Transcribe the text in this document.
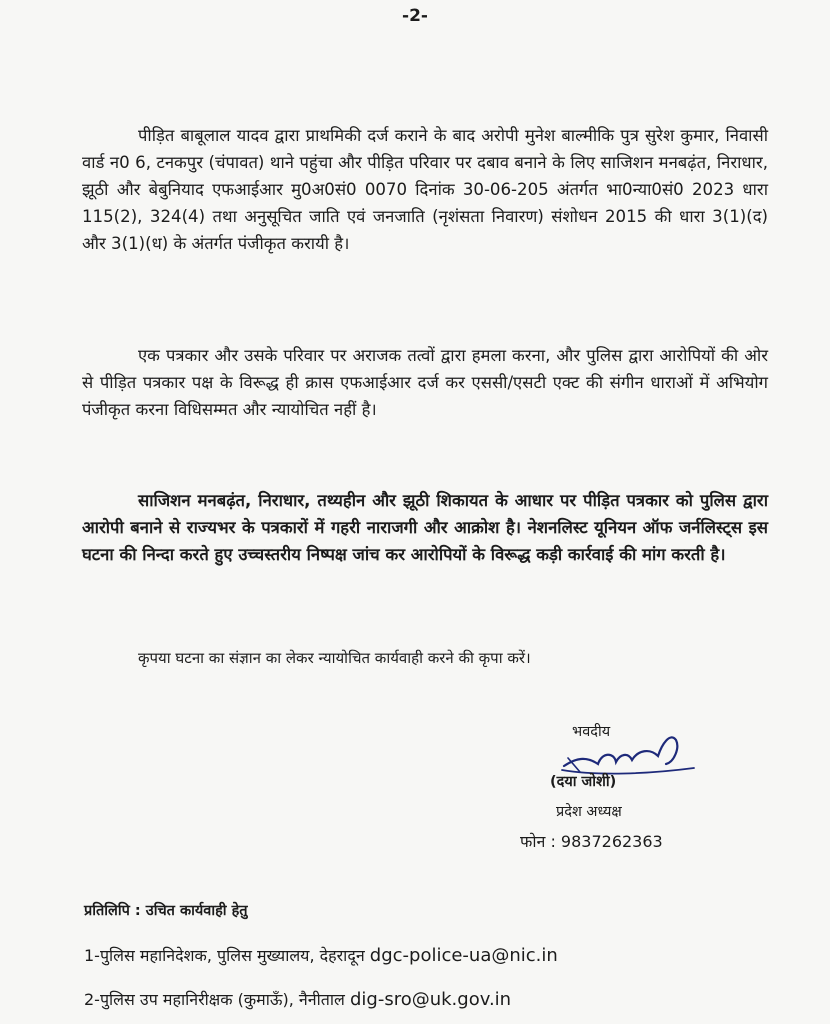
-2-

पीड़ित बाबूलाल यादव द्वारा प्राथमिकी दर्ज कराने के बाद अरोपी मुनेश बाल्मीकि पुत्र सुरेश कुमार, निवासी वार्ड न0 6, टनकपुर (चंपावत) थाने पहुंचा और पीड़ित परिवार पर दबाव बनाने के लिए साजिशन मनबढ़ंत, निराधार, झूठी और बेबुनियाद एफआईआर मु0अ0सं0 0070 दिनांक 30-06-205 अंतर्गत भा0न्या0सं0 2023 धारा 115(2), 324(4) तथा अनुसूचित जाति एवं जनजाति (नृशंसता निवारण) संशोधन 2015 की धारा 3(1)(द) और 3(1)(ध) के अंतर्गत पंजीकृत करायी है।

एक पत्रकार और उसके परिवार पर अराजक तत्वों द्वारा हमला करना, और पुलिस द्वारा आरोपियों की ओर से पीड़ित पत्रकार पक्ष के विरूद्ध ही क्रास एफआईआर दर्ज कर एससी/एसटी एक्ट की संगीन धाराओं में अभियोग पंजीकृत करना विधिसम्मत और न्यायोचित नहीं है।

साजिशन मनबढ़ंत, निराधार, तथ्यहीन और झूठी शिकायत के आधार पर पीड़ित पत्रकार को पुलिस द्वारा आरोपी बनाने से राज्यभर के पत्रकारों में गहरी नाराजगी और आक्रोश है। नेशनलिस्ट यूनियन ऑफ जर्नलिस्ट्स इस घटना की निन्दा करते हुए उच्चस्तरीय निष्पक्ष जांच कर आरोपियों के विरूद्ध कड़ी कार्रवाई की मांग करती है।

कृपया घटना का संज्ञान का लेकर न्यायोचित कार्यवाही करने की कृपा करें।
भवदीय
(दया जोशी)
प्रदेश अध्यक्ष
फोन : 9837262363
प्रतिलिपि : उचित कार्यवाही हेतु
1-पुलिस महानिदेशक, पुलिस मुख्यालय, देहरादून dgc-police-ua@nic.in
2-पुलिस उप महानिरीक्षक (कुमाऊँ), नैनीताल dig-sro@uk.gov.in
